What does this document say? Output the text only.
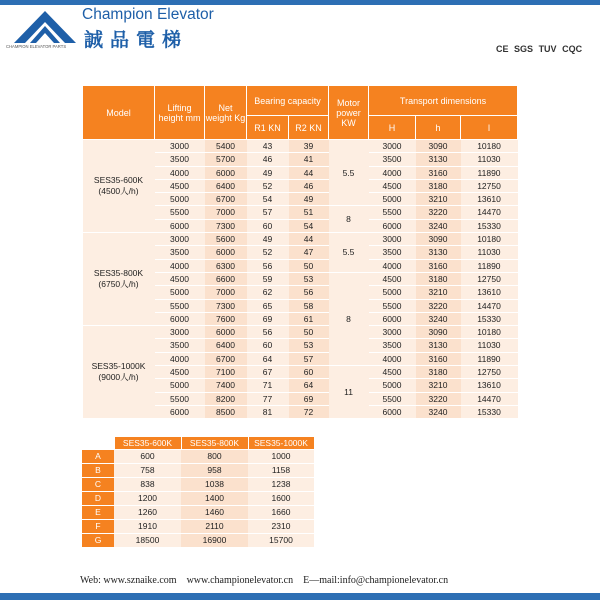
CHAMPION ELEVATOR PARTS
Champion Elevator
誠品電梯	CE SGS TUV CQC
Model	Lifting height mm	Net weight Kg	Bearing capacity		Motor power KW	Transport dimensions		
			R1 KN	R2 KN		H	h	l

SES35-600K
(4500人/h)	3000	5400	43	39	5.5	3000	3090	10180
	3500	5700	46	41		3500	3130	11030
	4000	6000	49	44		4000	3160	11890
	4500	6400	52	46		4500	3180	12750
	5000	6700	54	49		5000	3210	13610
	5500	7000	57	51	8	5500	3220	14470
	6000	7300	60	54		6000	3240	15330

SES35-800K
(6750人/h)	3000	5600	49	44	5.5	3000	3090	10180
	3500	6000	52	47		3500	3130	11030
	4000	6300	56	50		4000	3160	11890
	4500	6600	59	53	8	4500	3180	12750
	5000	7000	62	56		5000	3210	13610
	5500	7300	65	58		5500	3220	14470
	6000	7600	69	61		6000	3240	15330

SES35-1000K
(9000人/h)	3000	6000	56	50		3000	3090	10180
	3500	6400	60	53		3500	3130	11030
	4000	6700	64	57		4000	3160	11890
	4500	7100	67	60	11	4500	3180	12750
	5000	7400	71	64		5000	3210	13610
	5500	8200	77	69		5500	3220	14470
	6000	8500	81	72		6000	3240	15330
	SES35-600K	SES35-800K	SES35-1000K
A	600	800	1000
B	758	958	1158
C	838	1038	1238
D	1200	1400	1600
E	1260	1460	1660
F	1910	2110	2310
G	18500	16900	15700
Web: www.sznaike.com www.championelevator.cn E—mail:info@championelevator.cn
